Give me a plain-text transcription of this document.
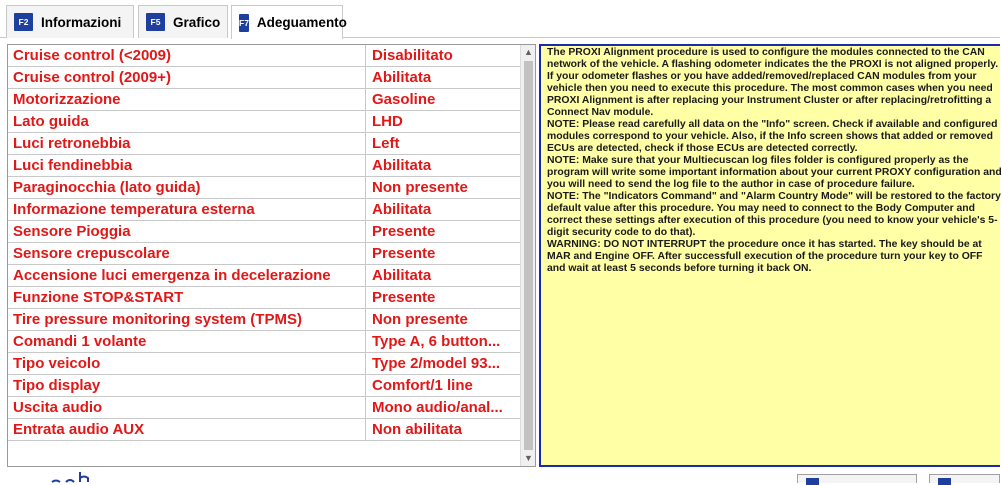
F2 Informazioni	F5 Grafico F7 Adeguamento
Cruise control (<2009)	Disabilitato
Cruise control (2009+)	Abilitata
Motorizzazione	Gasoline
Lato guida	LHD
Luci retronebbia	Left
Luci fendinebbia	Abilitata
Paraginocchia (lato guida)	Non presente
Informazione temperatura esterna	Abilitata
Sensore Pioggia	Presente
Sensore crepuscolare	Presente
Accensione luci emergenza in decelerazione	Abilitata
Funzione STOP&START	Presente
Tire pressure monitoring system (TPMS)	Non presente
Comandi 1 volante	Type A, 6 button...
Tipo veicolo	Type 2/model 93...
Tipo display	Comfort/1 line
Uscita audio	Mono audio/anal...
Entrata audio AUX	Non abilitata
▲
▼
The PROXI Alignment procedure is used to configure the modules connected to the CAN network of the vehicle. A flashing odometer indicates the the PROXI is not aligned properly. If your odometer flashes or you have added/removed/replaced CAN modules from your vehicle then you need to execute this procedure. The most common cases when you need PROXI Alignment is after replacing your Instrument Cluster or after replacing/retrofitting a Connect Nav module.
NOTE: Please read carefully all data on the "Info" screen. Check if available and configured modules correspond to your vehicle. Also, if the Info screen shows that added or removed ECUs are detected, check if those ECUs are detected correctly.
NOTE: Make sure that your Multiecuscan log files folder is configured properly as the program will write some important information about your current PROXY configuration and you will need to send the log file to the author in case of procedure failure.
NOTE: The "Indicators Command" and "Alarm Country Mode" will be restored to the factory default value after this procedure. You may need to connect to the Body Computer and correct these settings after execution of this procedure (you need to know your vehicle's 5-digit security code to do that).
WARNING: DO NOT INTERRUPT the procedure once it has started. The key should be at MAR and Engine OFF. After successfull execution of the procedure turn your key to OFF and wait at least 5 seconds before turning it back ON.
